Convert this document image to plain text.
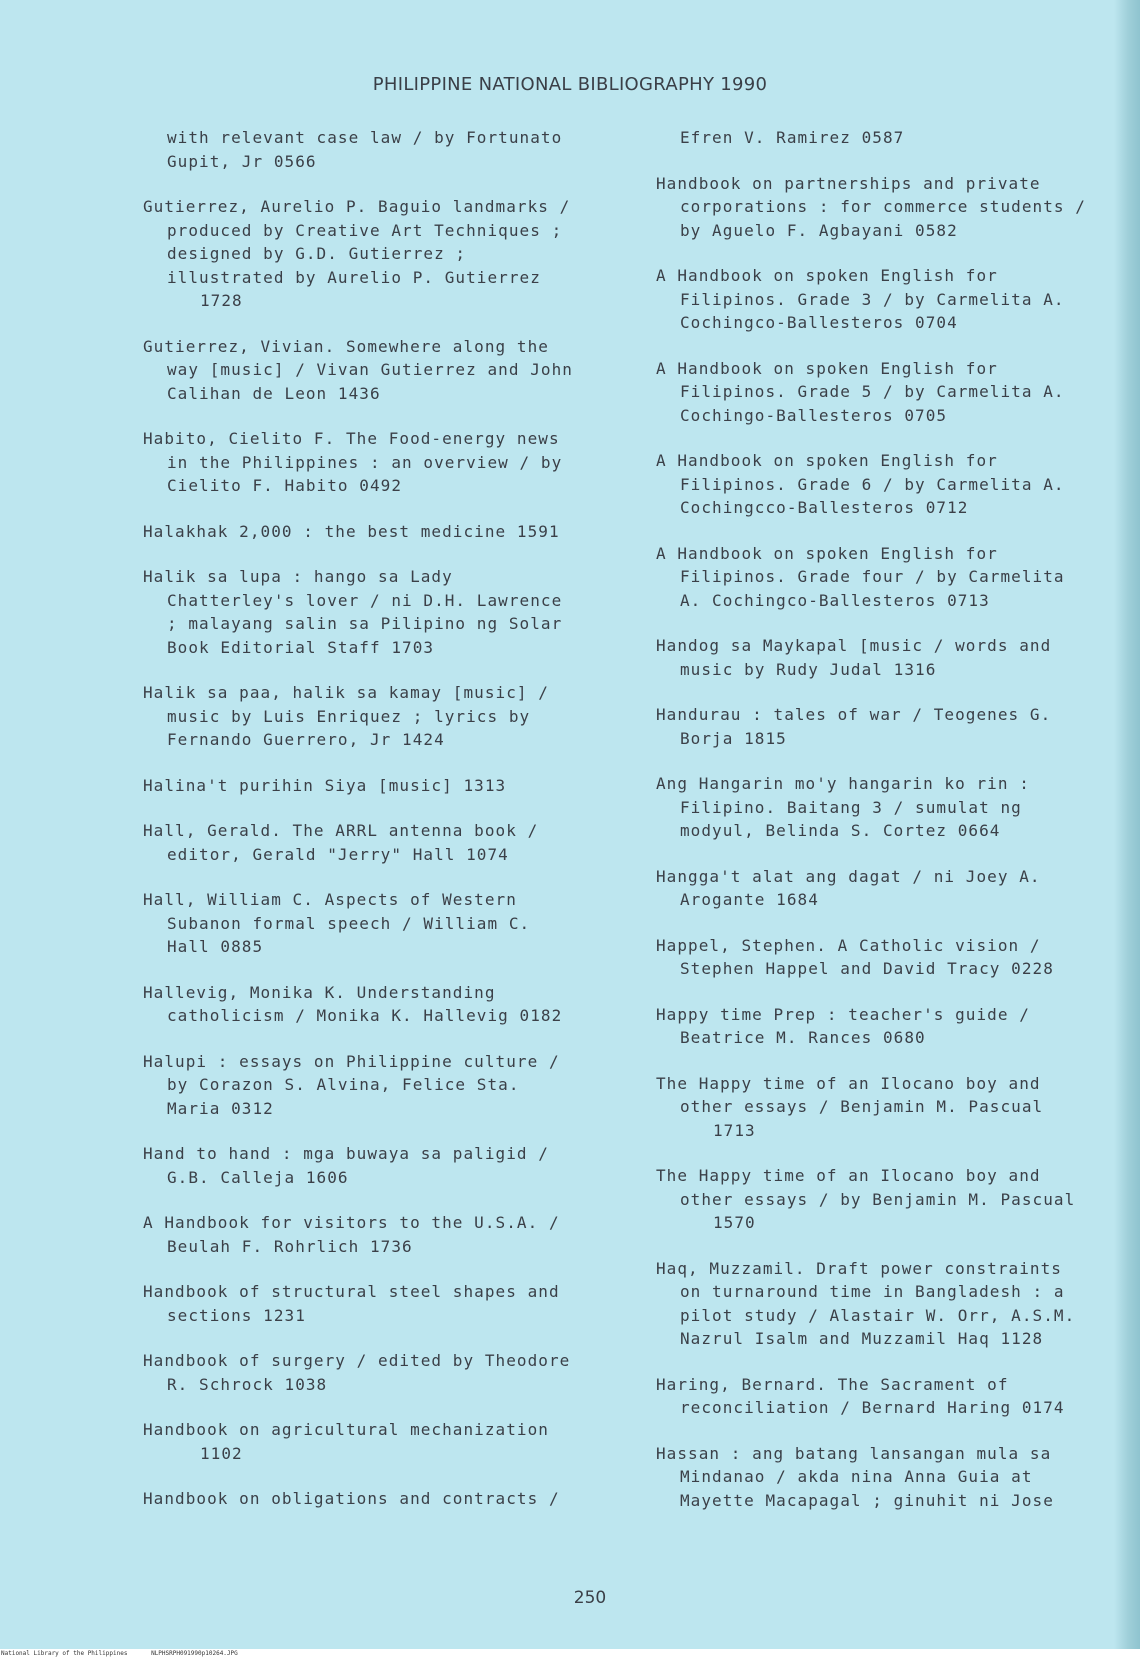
PHILIPPINE NATIONAL BIBLIOGRAPHY 1990
with relevant case law / by Fortunato
Gupit, Jr 0566
Gutierrez, Aurelio P. Baguio landmarks /
produced by Creative Art Techniques ;
designed by G.D. Gutierrez ;
illustrated by Aurelio P. Gutierrez
1728
Gutierrez, Vivian. Somewhere along the
way [music] / Vivan Gutierrez and John
Calihan de Leon 1436
Habito, Cielito F. The Food-energy news
in the Philippines : an overview / by
Cielito F. Habito 0492
Halakhak 2,000 : the best medicine 1591
Halik sa lupa : hango sa Lady
Chatterley's lover / ni D.H. Lawrence
; malayang salin sa Pilipino ng Solar
Book Editorial Staff 1703
Halik sa paa, halik sa kamay [music] /
music by Luis Enriquez ; lyrics by
Fernando Guerrero, Jr 1424
Halina't purihin Siya [music] 1313
Hall, Gerald. The ARRL antenna book /
editor, Gerald "Jerry" Hall 1074
Hall, William C. Aspects of Western
Subanon formal speech / William C.
Hall 0885
Hallevig, Monika K. Understanding
catholicism / Monika K. Hallevig 0182
Halupi : essays on Philippine culture /
by Corazon S. Alvina, Felice Sta.
Maria 0312
Hand to hand : mga buwaya sa paligid /
G.B. Calleja 1606
A Handbook for visitors to the U.S.A. /
Beulah F. Rohrlich 1736
Handbook of structural steel shapes and
sections 1231
Handbook of surgery / edited by Theodore
R. Schrock 1038
Handbook on agricultural mechanization
1102
Handbook on obligations and contracts /
Efren V. Ramirez 0587
Handbook on partnerships and private
corporations : for commerce students /
by Aguelo F. Agbayani 0582
A Handbook on spoken English for
Filipinos. Grade 3 / by Carmelita A.
Cochingco-Ballesteros 0704
A Handbook on spoken English for
Filipinos. Grade 5 / by Carmelita A.
Cochingo-Ballesteros 0705
A Handbook on spoken English for
Filipinos. Grade 6 / by Carmelita A.
Cochingcco-Ballesteros 0712
A Handbook on spoken English for
Filipinos. Grade four / by Carmelita
A. Cochingco-Ballesteros 0713
Handog sa Maykapal [music / words and
music by Rudy Judal 1316
Handurau : tales of war / Teogenes G.
Borja 1815
Ang Hangarin mo'y hangarin ko rin :
Filipino. Baitang 3 / sumulat ng
modyul, Belinda S. Cortez 0664
Hangga't alat ang dagat / ni Joey A.
Arogante 1684
Happel, Stephen. A Catholic vision /
Stephen Happel and David Tracy 0228
Happy time Prep : teacher's guide /
Beatrice M. Rances 0680
The Happy time of an Ilocano boy and
other essays / Benjamin M. Pascual
1713
The Happy time of an Ilocano boy and
other essays / by Benjamin M. Pascual
1570
Haq, Muzzamil. Draft power constraints
on turnaround time in Bangladesh : a
pilot study / Alastair W. Orr, A.S.M.
Nazrul Isalm and Muzzamil Haq 1128
Haring, Bernard. The Sacrament of
reconciliation / Bernard Haring 0174
Hassan : ang batang lansangan mula sa
Mindanao / akda nina Anna Guia at
Mayette Macapagal ; ginuhit ni Jose
250
National Library of the Philippines	NLPHSRPH091990p10264.JPG
